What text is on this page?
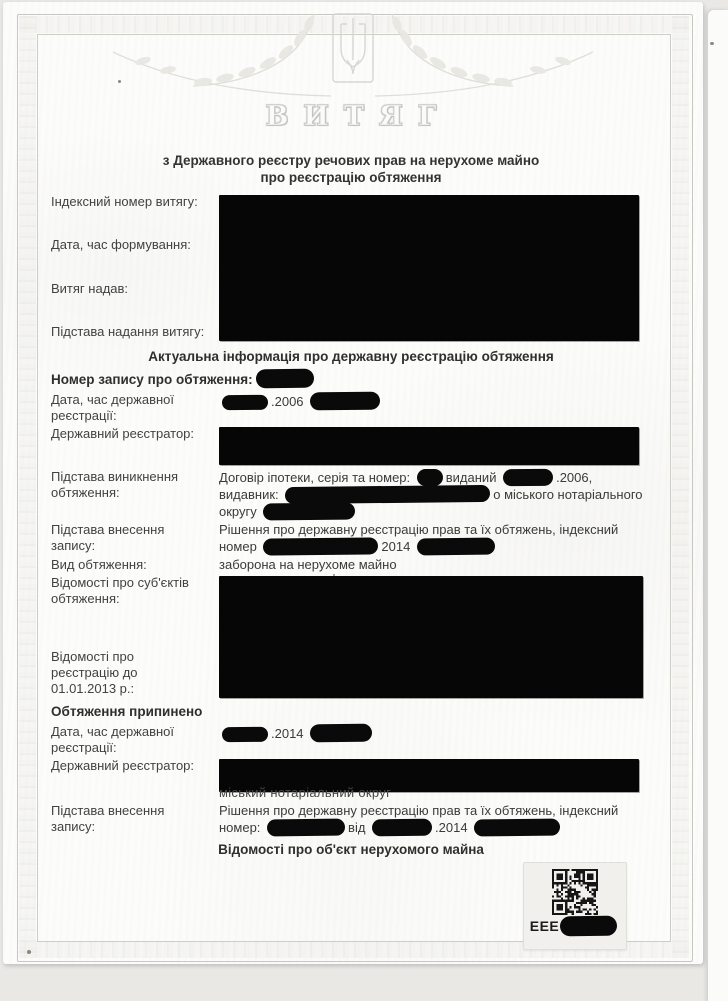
ВИТЯГ
з Державного реєстру речових прав на нерухоме майно
про реєстрацію обтяження
Індексний номер витягу:
Дата, час формування:
Витяг надав:
Підстава надання витягу:
Актуальна інформація про державну реєстрацію обтяження
Номер запису про обтяження:
Дата, час державної реєстрації:
.2006
Державний реєстратор:
Підстава виникнення обтяження:
Договір іпотеки, серія та номер: виданий	.2006, видавник:	о міського нотаріального округу
Підстава внесення запису:
Рішення про державну реєстрацію прав та їх обтяжень, індексний номер	2014
Вид обтяження:	заборона на нерухоме майно
Відомості про суб'єктів обтяження:
Відомості про реєстрацію до 01.01.2013 р.:
Обтяження припинено
Дата, час державної реєстрації:
.2014
Державний реєстратор:
міський нотаріальний округ
Підстава внесення запису:
Рішення про державну реєстрацію прав та їх обтяжень, індексний номер:	від	.2014
Відомості про об'єкт нерухомого майна
EEE
